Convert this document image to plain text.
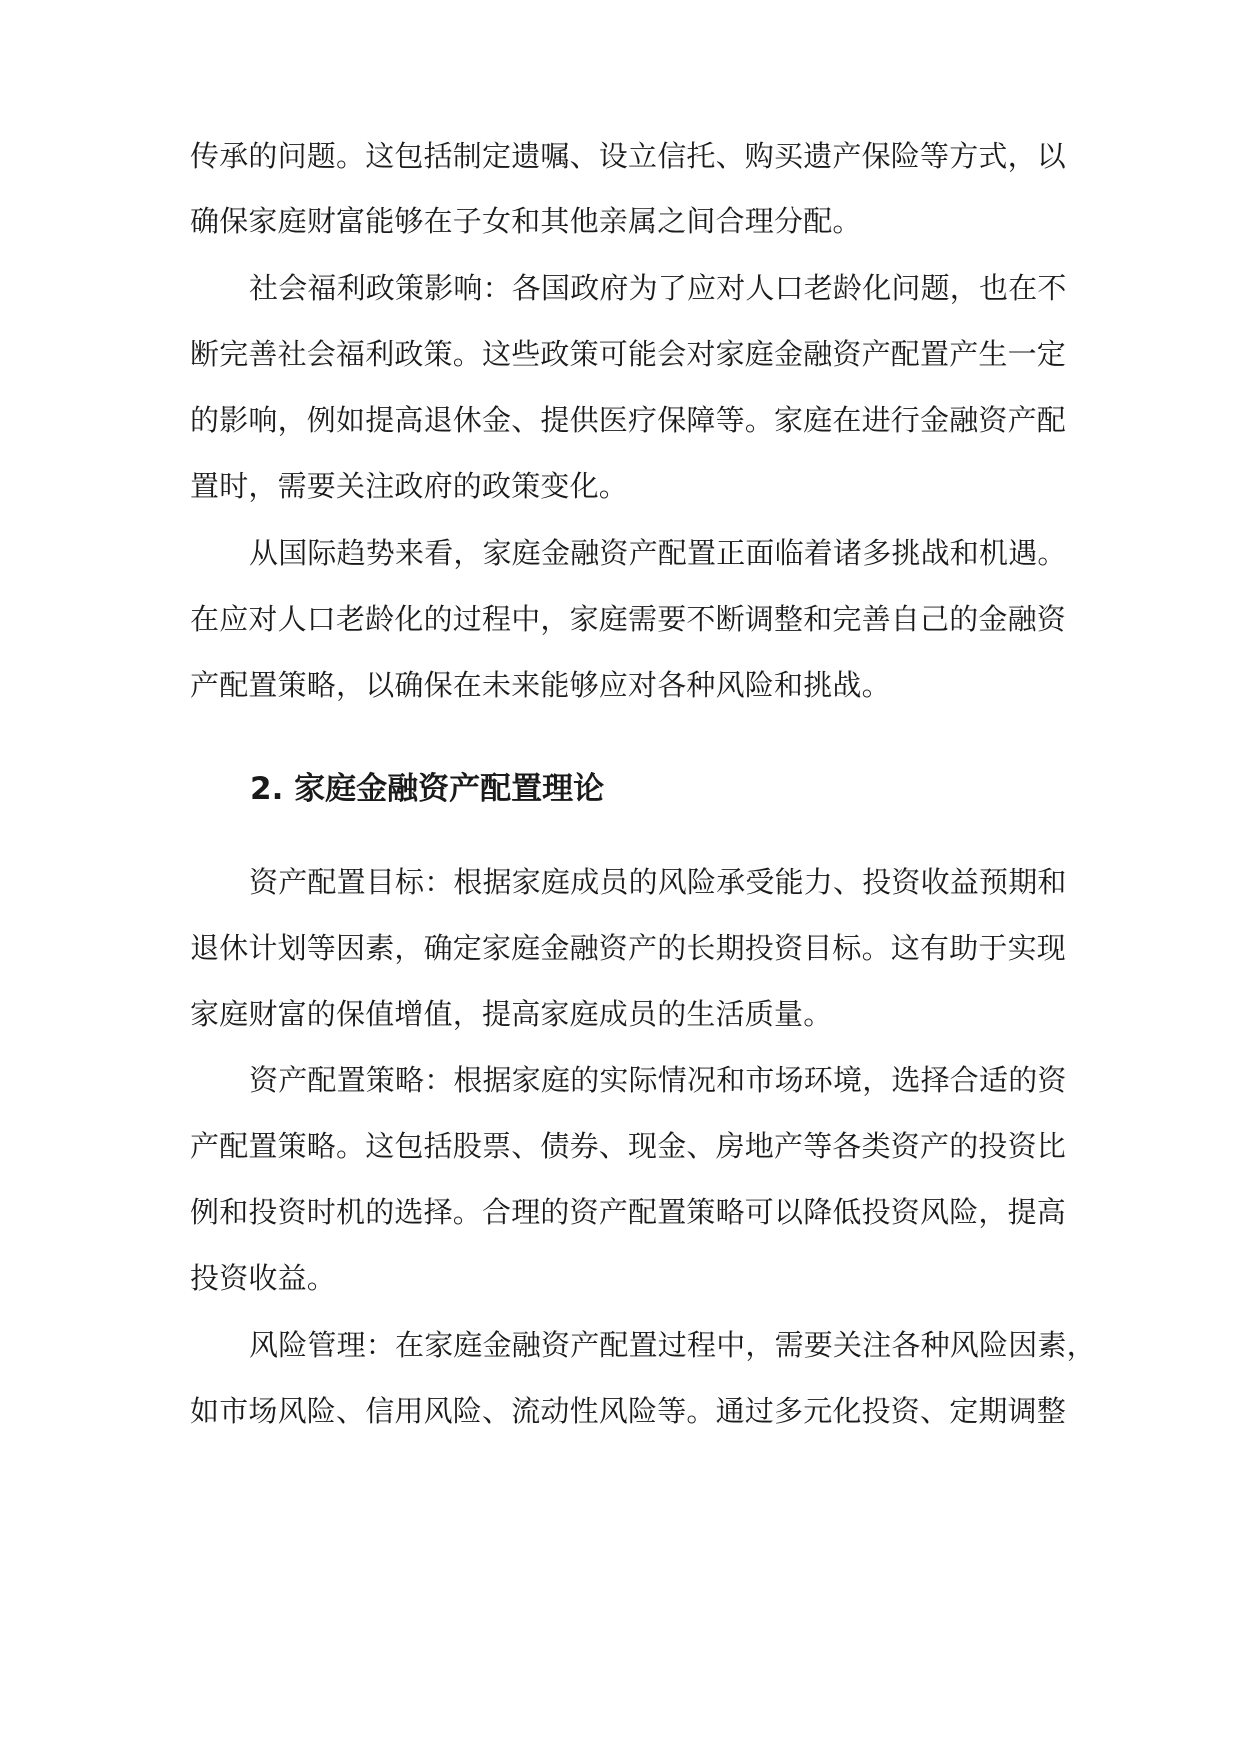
传承的问题。这包括制定遗嘱、设立信托、购买遗产保险等方式，以
确保家庭财富能够在子女和其他亲属之间合理分配。
社会福利政策影响：各国政府为了应对人口老龄化问题，也在不
断完善社会福利政策。这些政策可能会对家庭金融资产配置产生一定
的影响，例如提高退休金、提供医疗保障等。家庭在进行金融资产配
置时，需要关注政府的政策变化。
从国际趋势来看，家庭金融资产配置正面临着诸多挑战和机遇。
在应对人口老龄化的过程中，家庭需要不断调整和完善自己的金融资
产配置策略，以确保在未来能够应对各种风险和挑战。
2. 家庭金融资产配置理论
资产配置目标：根据家庭成员的风险承受能力、投资收益预期和
退休计划等因素，确定家庭金融资产的长期投资目标。这有助于实现
家庭财富的保值增值，提高家庭成员的生活质量。
资产配置策略：根据家庭的实际情况和市场环境，选择合适的资
产配置策略。这包括股票、债券、现金、房地产等各类资产的投资比
例和投资时机的选择。合理的资产配置策略可以降低投资风险，提高
投资收益。
风险管理：在家庭金融资产配置过程中，需要关注各种风险因素，
如市场风险、信用风险、流动性风险等。通过多元化投资、定期调整
